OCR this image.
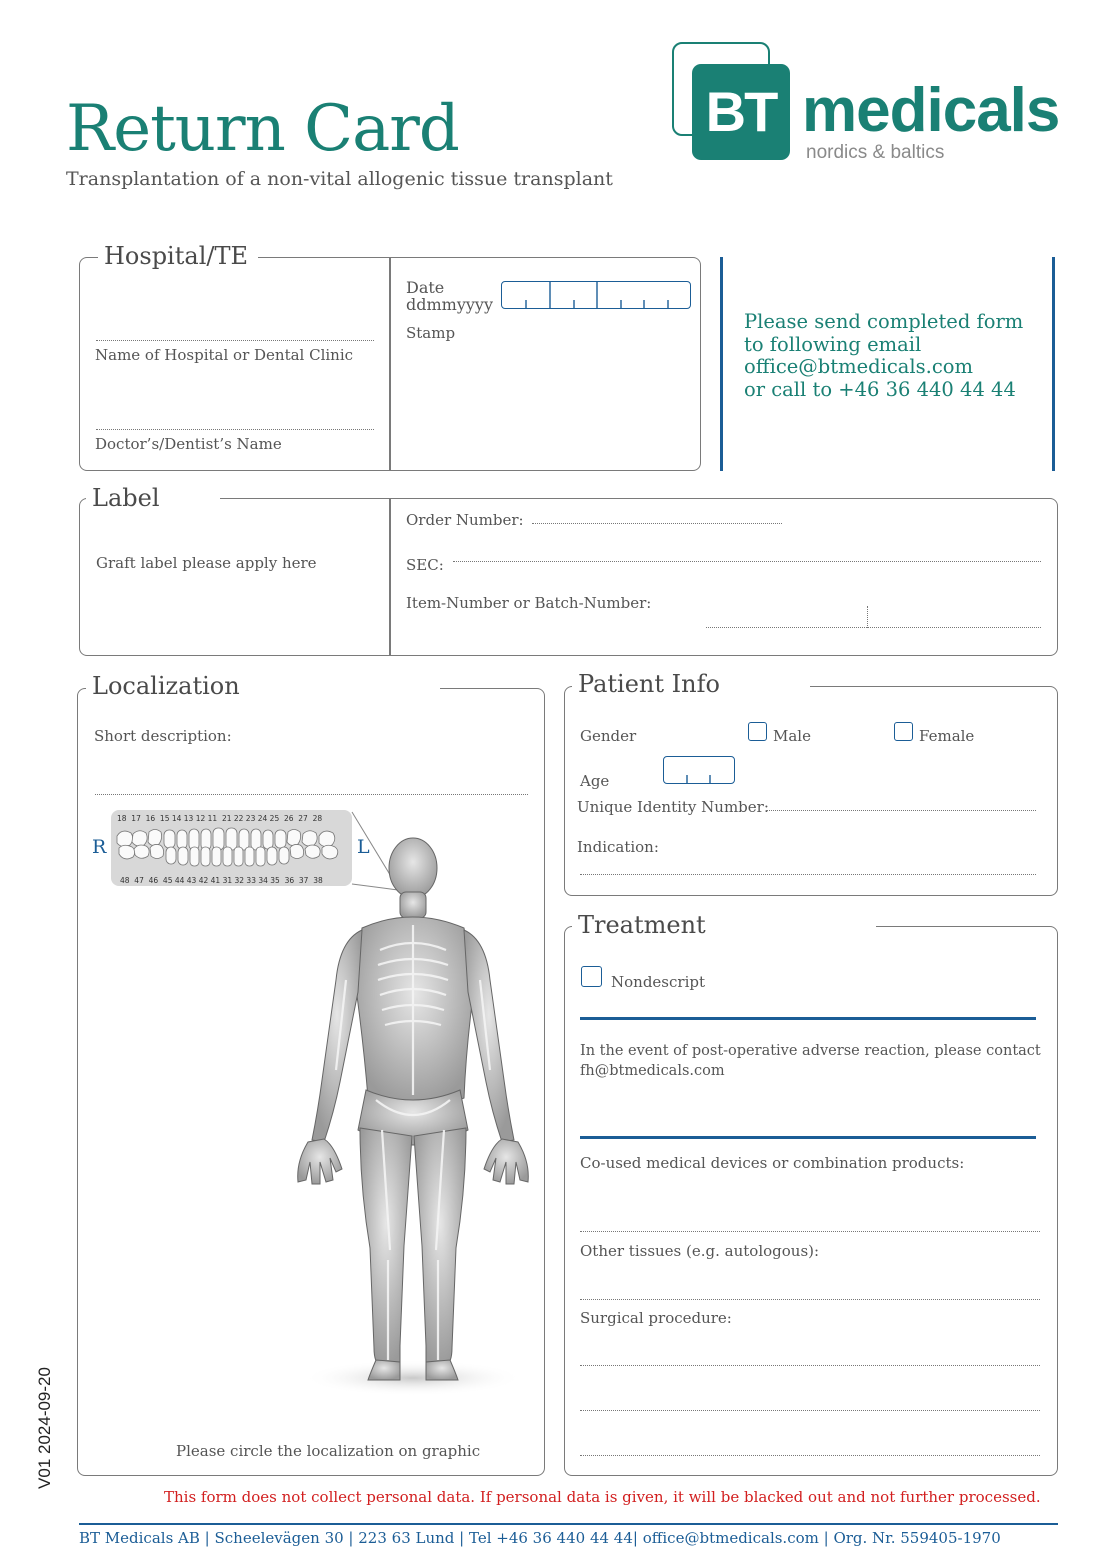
Return Card
Transplantation of a non-vital allogenic tissue transplant
BT medicals
nordics & baltics
Hospital/TE
Name of Hospital or Dental Clinic
Doctor’s/Dentist’s Name
Date
ddmmyyyy
Stamp	Please send completed form
to following email
office@btmedicals.com
or call to +46 36 440 44 44
Label
Graft label please apply here
Order Number:
SEC:
Item-Number or Batch-Number:
Localization
Short description:
R	L
18  17  16  15 14 13 12 11  21 22 23 24 25  26  27  28
48  47  46  45 44 43 42 41 31 32 33 34 35  36  37  38
Please circle the localization on graphic
Patient Info
Gender	Male	Female
Age
Unique Identity Number:
Indication:
Treatment
Nondescript
In the event of post-operative adverse reaction, please contact
fh@btmedicals.com
Co-used medical devices or combination products:
Other tissues (e.g. autologous):
Surgical procedure:
V01 2024-09-20
This form does not collect personal data. If personal data is given, it will be blacked out and not further processed.
BT Medicals AB | Scheelevägen 30 | 223 63 Lund | Tel +46 36 440 44 44| office@btmedicals.com | Org. Nr. 559405-1970
